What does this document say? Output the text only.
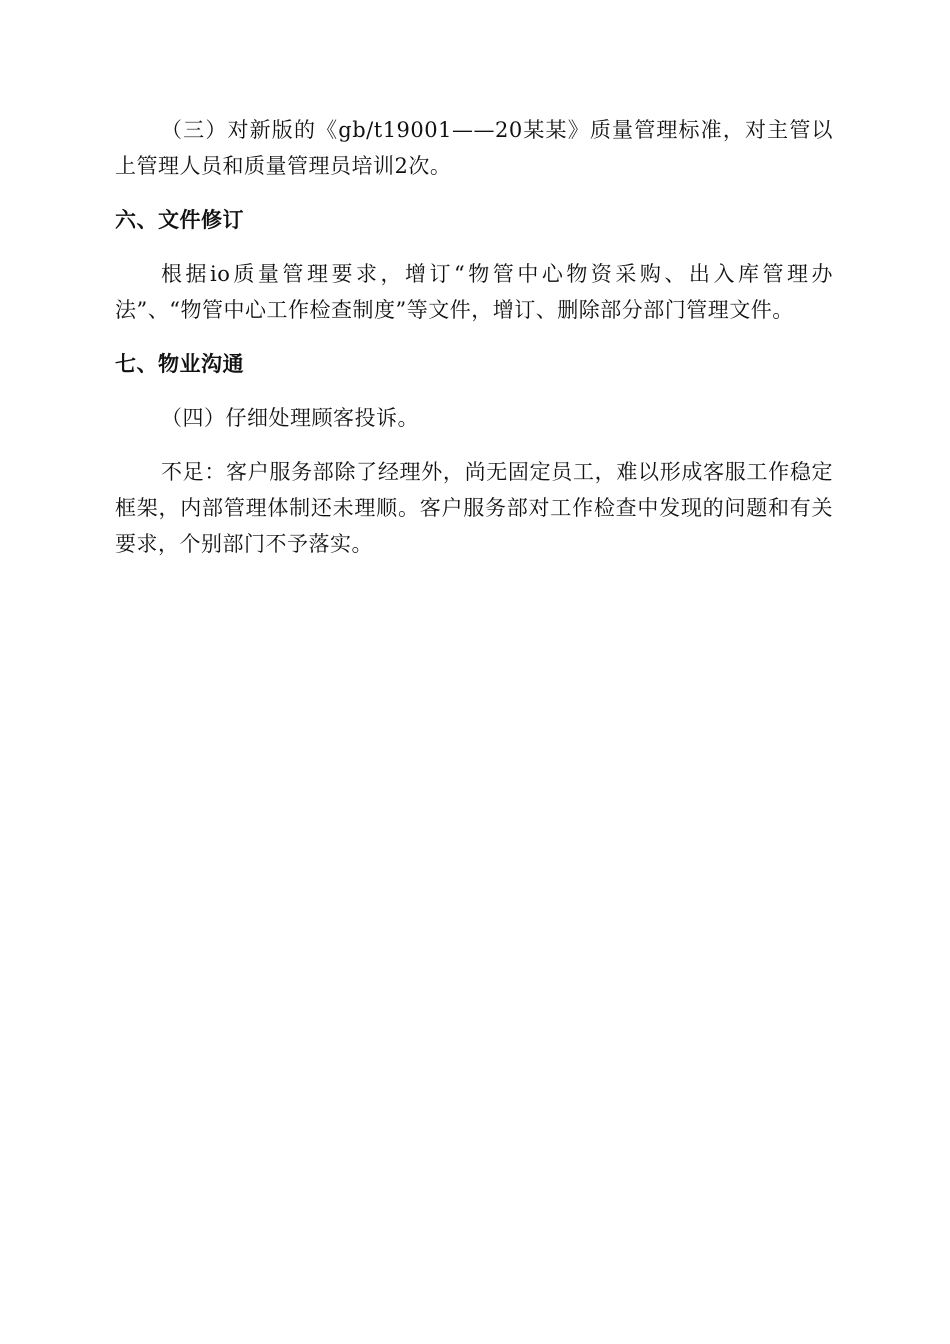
（三）对新版的《gb/t19001——20某某》质量管理标准，对主管以上管理人员和质量管理员培训2次。

六、文件修订

根据io质量管理要求，增订“物管中心物资采购、出入库管理办法”、“物管中心工作检查制度”等文件，增订、删除部分部门管理文件。

七、物业沟通

（四）仔细处理顾客投诉。

不足：客户服务部除了经理外，尚无固定员工，难以形成客服工作稳定框架，内部管理体制还未理顺。客户服务部对工作检查中发现的问题和有关要求，个别部门不予落实。
